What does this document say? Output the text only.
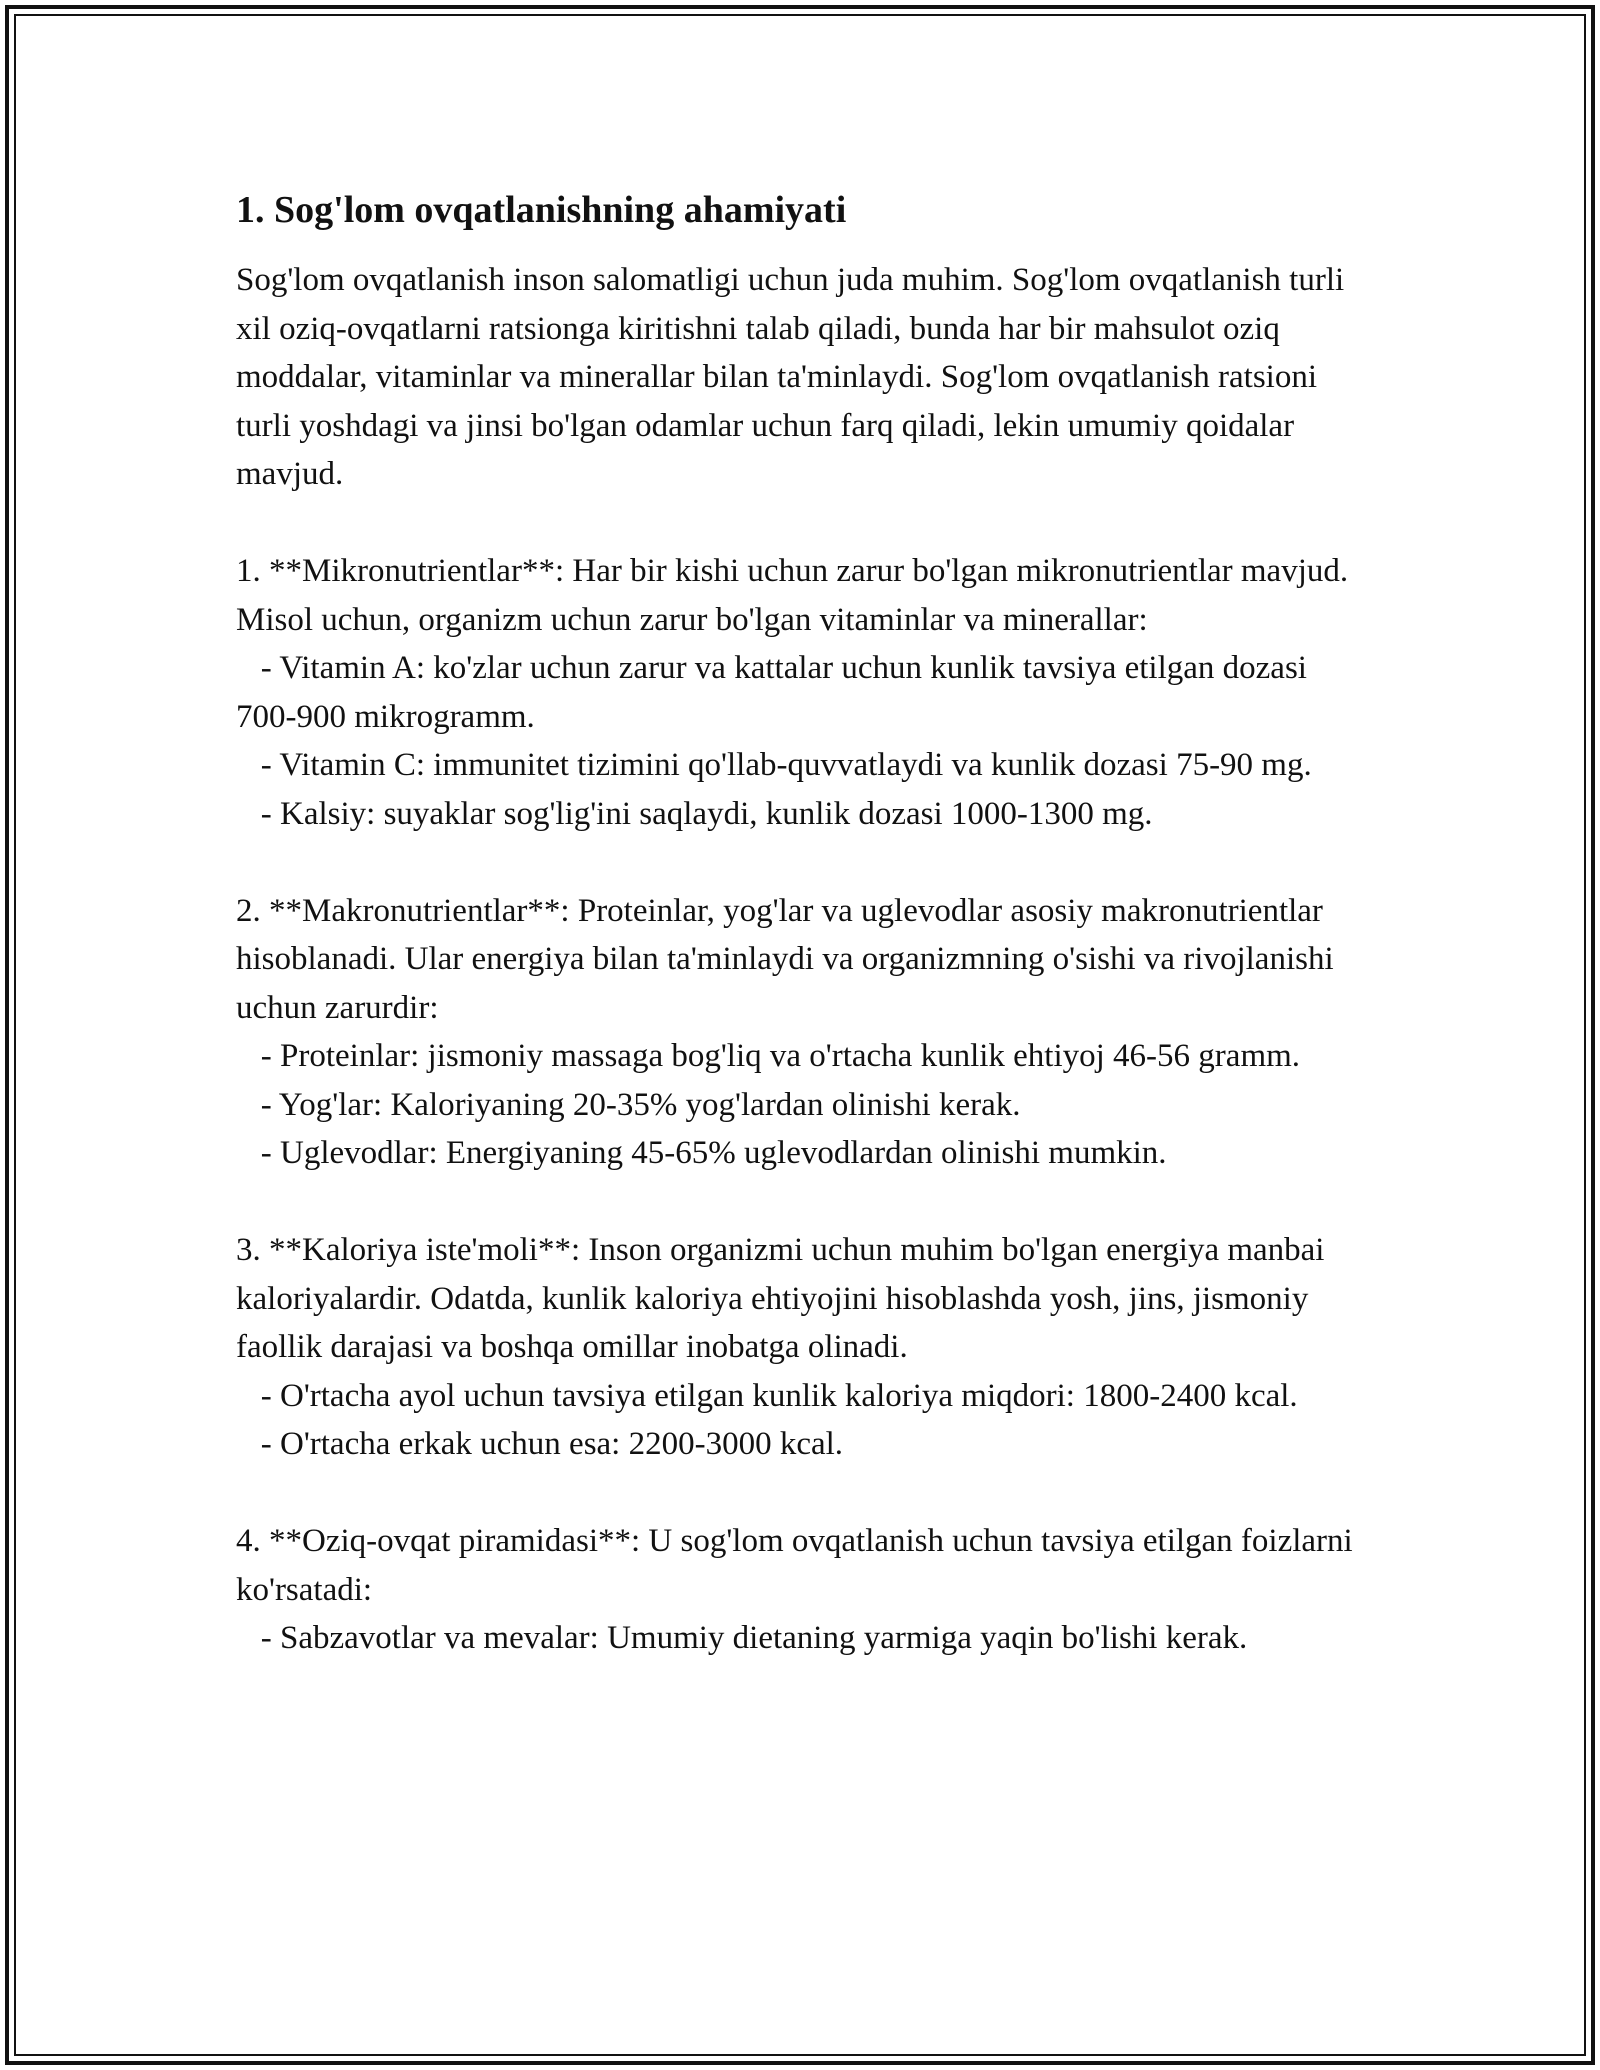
1. Sog'lom ovqatlanishning ahamiyati

Sog'lom ovqatlanish inson salomatligi uchun juda muhim. Sog'lom ovqatlanish turli xil oziq-ovqatlarni ratsionga kiritishni talab qiladi, bunda har bir mahsulot oziq moddalar, vitaminlar va minerallar bilan ta'minlaydi. Sog'lom ovqatlanish ratsioni turli yoshdagi va jinsi bo'lgan odamlar uchun farq qiladi, lekin umumiy qoidalar mavjud.

1. **Mikronutrientlar**: Har bir kishi uchun zarur bo'lgan mikronutrientlar mavjud. Misol uchun, organizm uchun zarur bo'lgan vitaminlar va minerallar:

- Vitamin A: ko'zlar uchun zarur va kattalar uchun kunlik tavsiya etilgan dozasi 700-900 mikrogramm.

- Vitamin C: immunitet tizimini qo'llab-quvvatlaydi va kunlik dozasi 75-90 mg.

- Kalsiy: suyaklar sog'lig'ini saqlaydi, kunlik dozasi 1000-1300 mg.

2. **Makronutrientlar**: Proteinlar, yog'lar va uglevodlar asosiy makronutrientlar hisoblanadi. Ular energiya bilan ta'minlaydi va organizmning o'sishi va rivojlanishi uchun zarurdir:

- Proteinlar: jismoniy massaga bog'liq va o'rtacha kunlik ehtiyoj 46-56 gramm.

- Yog'lar: Kaloriyaning 20-35% yog'lardan olinishi kerak.

- Uglevodlar: Energiyaning 45-65% uglevodlardan olinishi mumkin.

3. **Kaloriya iste'moli**: Inson organizmi uchun muhim bo'lgan energiya manbai kaloriyalardir. Odatda, kunlik kaloriya ehtiyojini hisoblashda yosh, jins, jismoniy faollik darajasi va boshqa omillar inobatga olinadi.

- O'rtacha ayol uchun tavsiya etilgan kunlik kaloriya miqdori: 1800-2400 kcal.

- O'rtacha erkak uchun esa: 2200-3000 kcal.

4. **Oziq-ovqat piramidasi**: U sog'lom ovqatlanish uchun tavsiya etilgan foizlarni ko'rsatadi:

- Sabzavotlar va mevalar: Umumiy dietaning yarmiga yaqin bo'lishi kerak.
